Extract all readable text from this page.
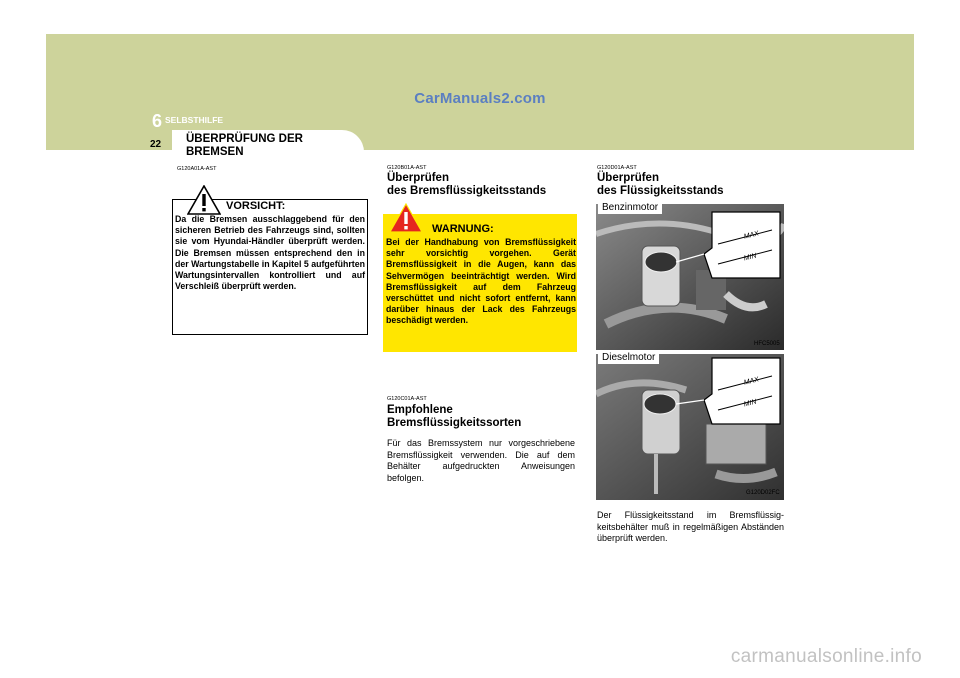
CarManuals2.com
6 SELBSTHILFE
22 ÜBERPRÜFUNG DER
BREMSEN
G120A01A-AST
VORSICHT:
Da die Bremsen ausschlaggebend für den sicheren Betrieb des Fahrzeugs sind, sollten sie vom Hyundai-Händler überprüft werden. Die Bremsen müssen entsprechend den in der Wartungstabelle in Kapitel 5 aufgeführten Wartungsintervallen kontrolliert und auf Verschleiß überprüft werden.
G120B01A-AST
Überprüfen
des Bremsflüssigkeitsstands
WARNUNG:
Bei der Handhabung von Bremsflüssigkeit sehr vorsichtig vorgehen. Gerät Bremsflüssigkeit in die Augen, kann das Sehvermögen beeinträchtigt werden. Wird Bremsflüssigkeit auf dem Fahrzeug verschüttet und nicht sofort entfernt, kann darüber hinaus der Lack des Fahrzeugs beschädigt werden.
G120C01A-AST
Empfohlene
Bremsflüssigkeitssorten
Für das Bremssystem nur vorgeschriebene Bremsflüssigkeit verwenden. Die auf dem Behälter aufgedruckten Anweisungen befolgen.
G120D01A-AST
Überprüfen
des Flüssigkeitsstands
Benzinmotor
MAX
MIN
HFC5005
Dieselmotor
MAX
MIN
G120D02FC
Der Flüssigkeitsstand im Bremsflüssig-keitsbehälter muß in regelmäßigen Abständen überprüft werden.
carmanualsonline.info
